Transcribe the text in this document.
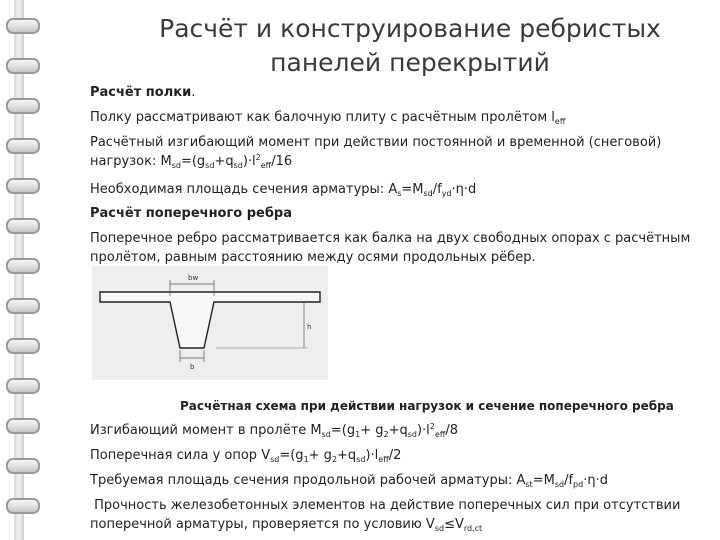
Расчёт и конструирование ребристых панелей перекрытий
Расчёт полки.
Полку рассматривают как балочную плиту с расчётным пролётом $l_{eff}$
Расчётный изгибающий момент при действии постоянной и временной (снеговой)
нагрузок: $M_{sd}=(g_{sd}+q_{sd})\cdot l^2_{eff}/16$
Необходимая площадь сечения арматуры: $A_s=M_{sd}/f_{yd}\cdot\eta\cdot d$
Расчёт поперечного ребра
Поперечное ребро рассматривается как балка на двух свободных опорах с расчётным
пролётом, равным расстоянию между осями продольных рёбер.
bw
b
h
Расчётная схема при действии нагрузок и сечение поперечного ребра
Изгибающий момент в пролёте $M_{sd}=(g_1+ g_2+q_{sd})\cdot l^2_{eff}/8$
Поперечная сила у опор $V_{sd}=(g_1+ g_2+q_{sd})\cdot l_{eff}/2$
Требуемая площадь сечения продольной рабочей арматуры: $A_{st}=M_{sd}/f_{pd}\cdot\eta\cdot d$
Прочность железобетонных элементов на действие поперечных сил при отсутствии
поперечной арматуры, проверяется по условию $V_{sd}\le V_{rd,ct}$
